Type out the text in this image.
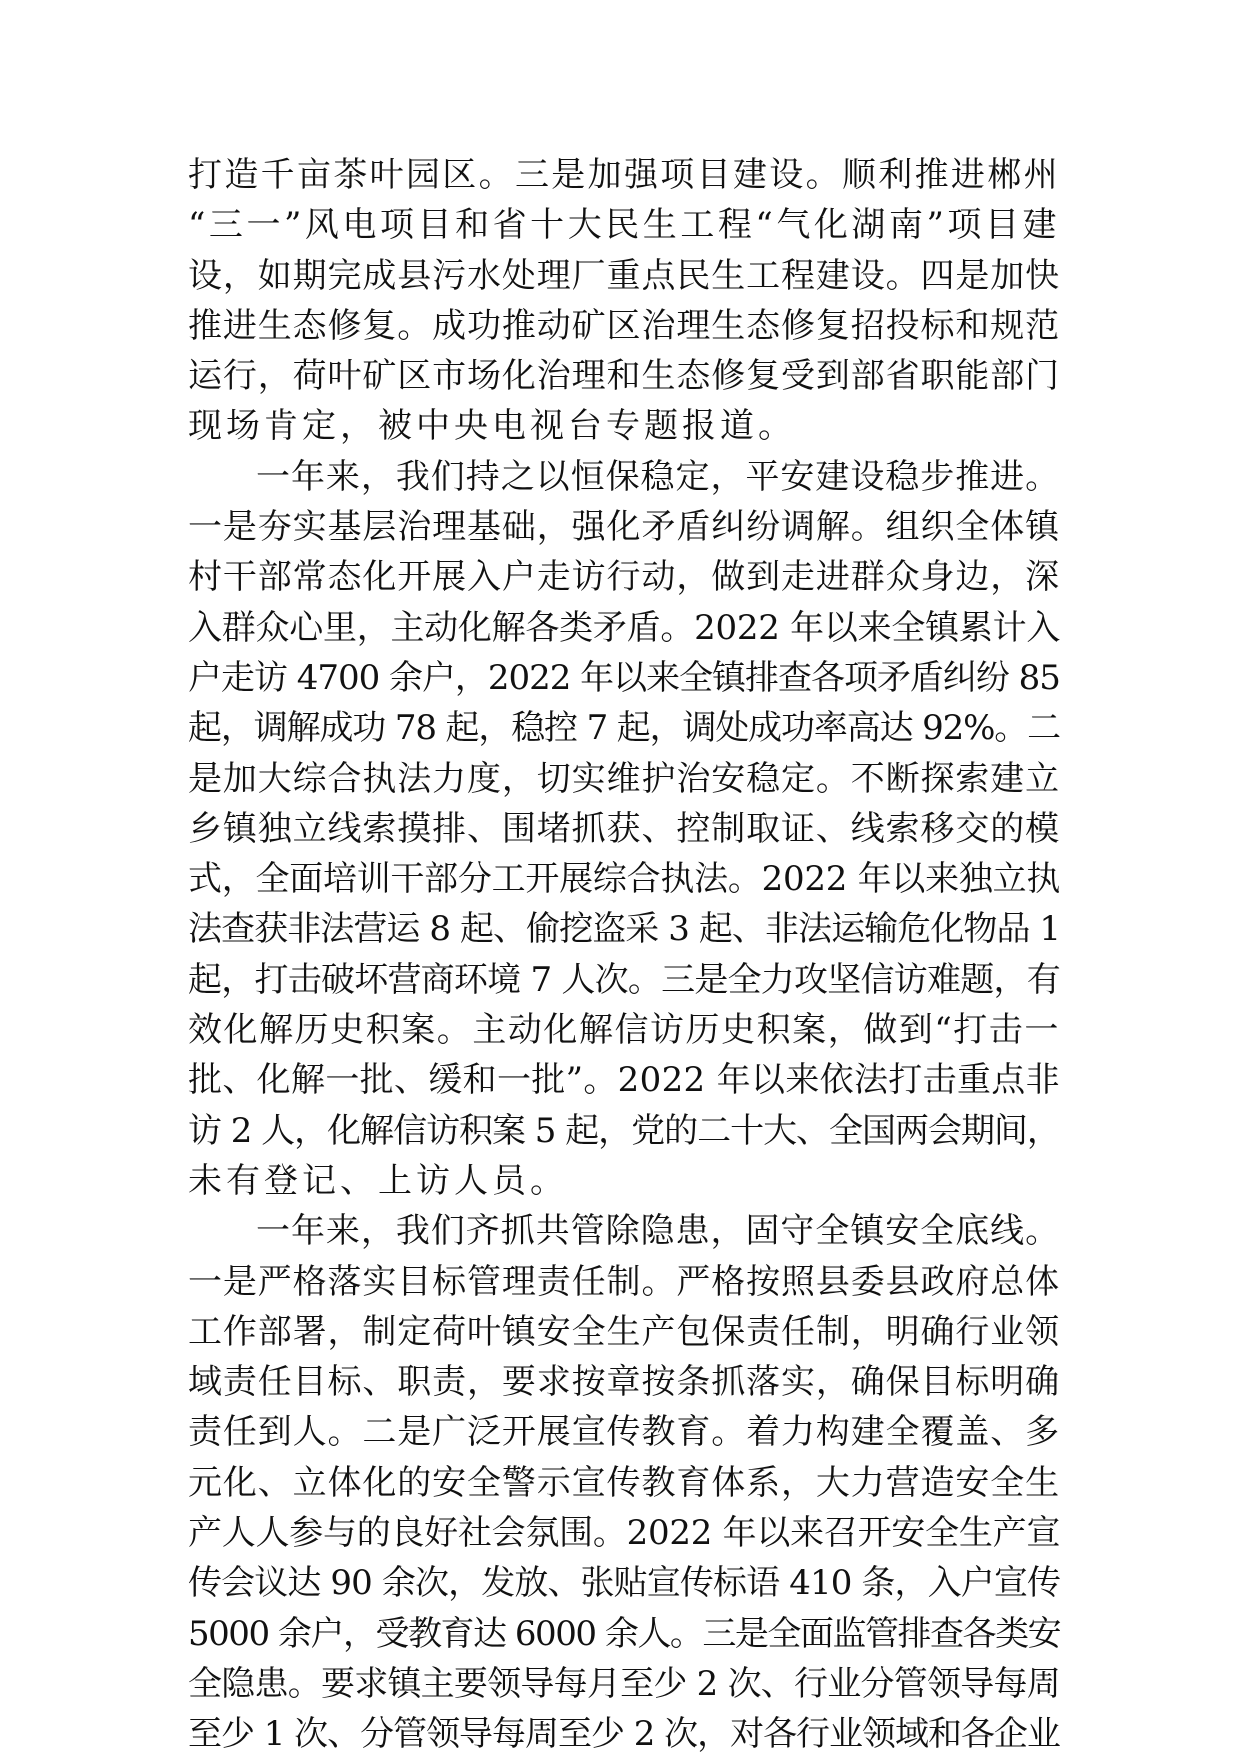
打造千亩茶叶园区。三是加强项目建设。顺利推进郴州
“三一”风电项目和省十大民生工程“气化湖南”项目建
设，如期完成县污水处理厂重点民生工程建设。四是加快
推进生态修复。成功推动矿区治理生态修复招投标和规范
运行，荷叶矿区市场化治理和生态修复受到部省职能部门
现场肯定，被中央电视台专题报道。
一年来，我们持之以恒保稳定，平安建设稳步推进。
一是夯实基层治理基础，强化矛盾纠纷调解。组织全体镇
村干部常态化开展入户走访行动，做到走进群众身边，深
入群众心里，主动化解各类矛盾。2022 年以来全镇累计入
户走访 4700 余户，2022 年以来全镇排查各项矛盾纠纷 85
起，调解成功 78 起，稳控 7 起，调处成功率高达 92%。二
是加大综合执法力度，切实维护治安稳定。不断探索建立
乡镇独立线索摸排、围堵抓获、控制取证、线索移交的模
式，全面培训干部分工开展综合执法。2022 年以来独立执
法查获非法营运 8 起、偷挖盗采 3 起、非法运输危化物品 1
起，打击破坏营商环境 7 人次。三是全力攻坚信访难题，有
效化解历史积案。主动化解信访历史积案，做到“打击一
批、化解一批、缓和一批”。2022 年以来依法打击重点非
访 2 人，化解信访积案 5 起，党的二十大、全国两会期间，
未有登记、上访人员。
一年来，我们齐抓共管除隐患，固守全镇安全底线。
一是严格落实目标管理责任制。严格按照县委县政府总体
工作部署，制定荷叶镇安全生产包保责任制，明确行业领
域责任目标、职责，要求按章按条抓落实，确保目标明确
责任到人。二是广泛开展宣传教育。着力构建全覆盖、多
元化、立体化的安全警示宣传教育体系，大力营造安全生
产人人参与的良好社会氛围。2022 年以来召开安全生产宣
传会议达 90 余次，发放、张贴宣传标语 410 条，入户宣传
5000 余户，受教育达 6000 余人。三是全面监管排查各类安
全隐患。要求镇主要领导每月至少 2 次、行业分管领导每周
至少 1 次、分管领导每周至少 2 次，对各行业领域和各企业
